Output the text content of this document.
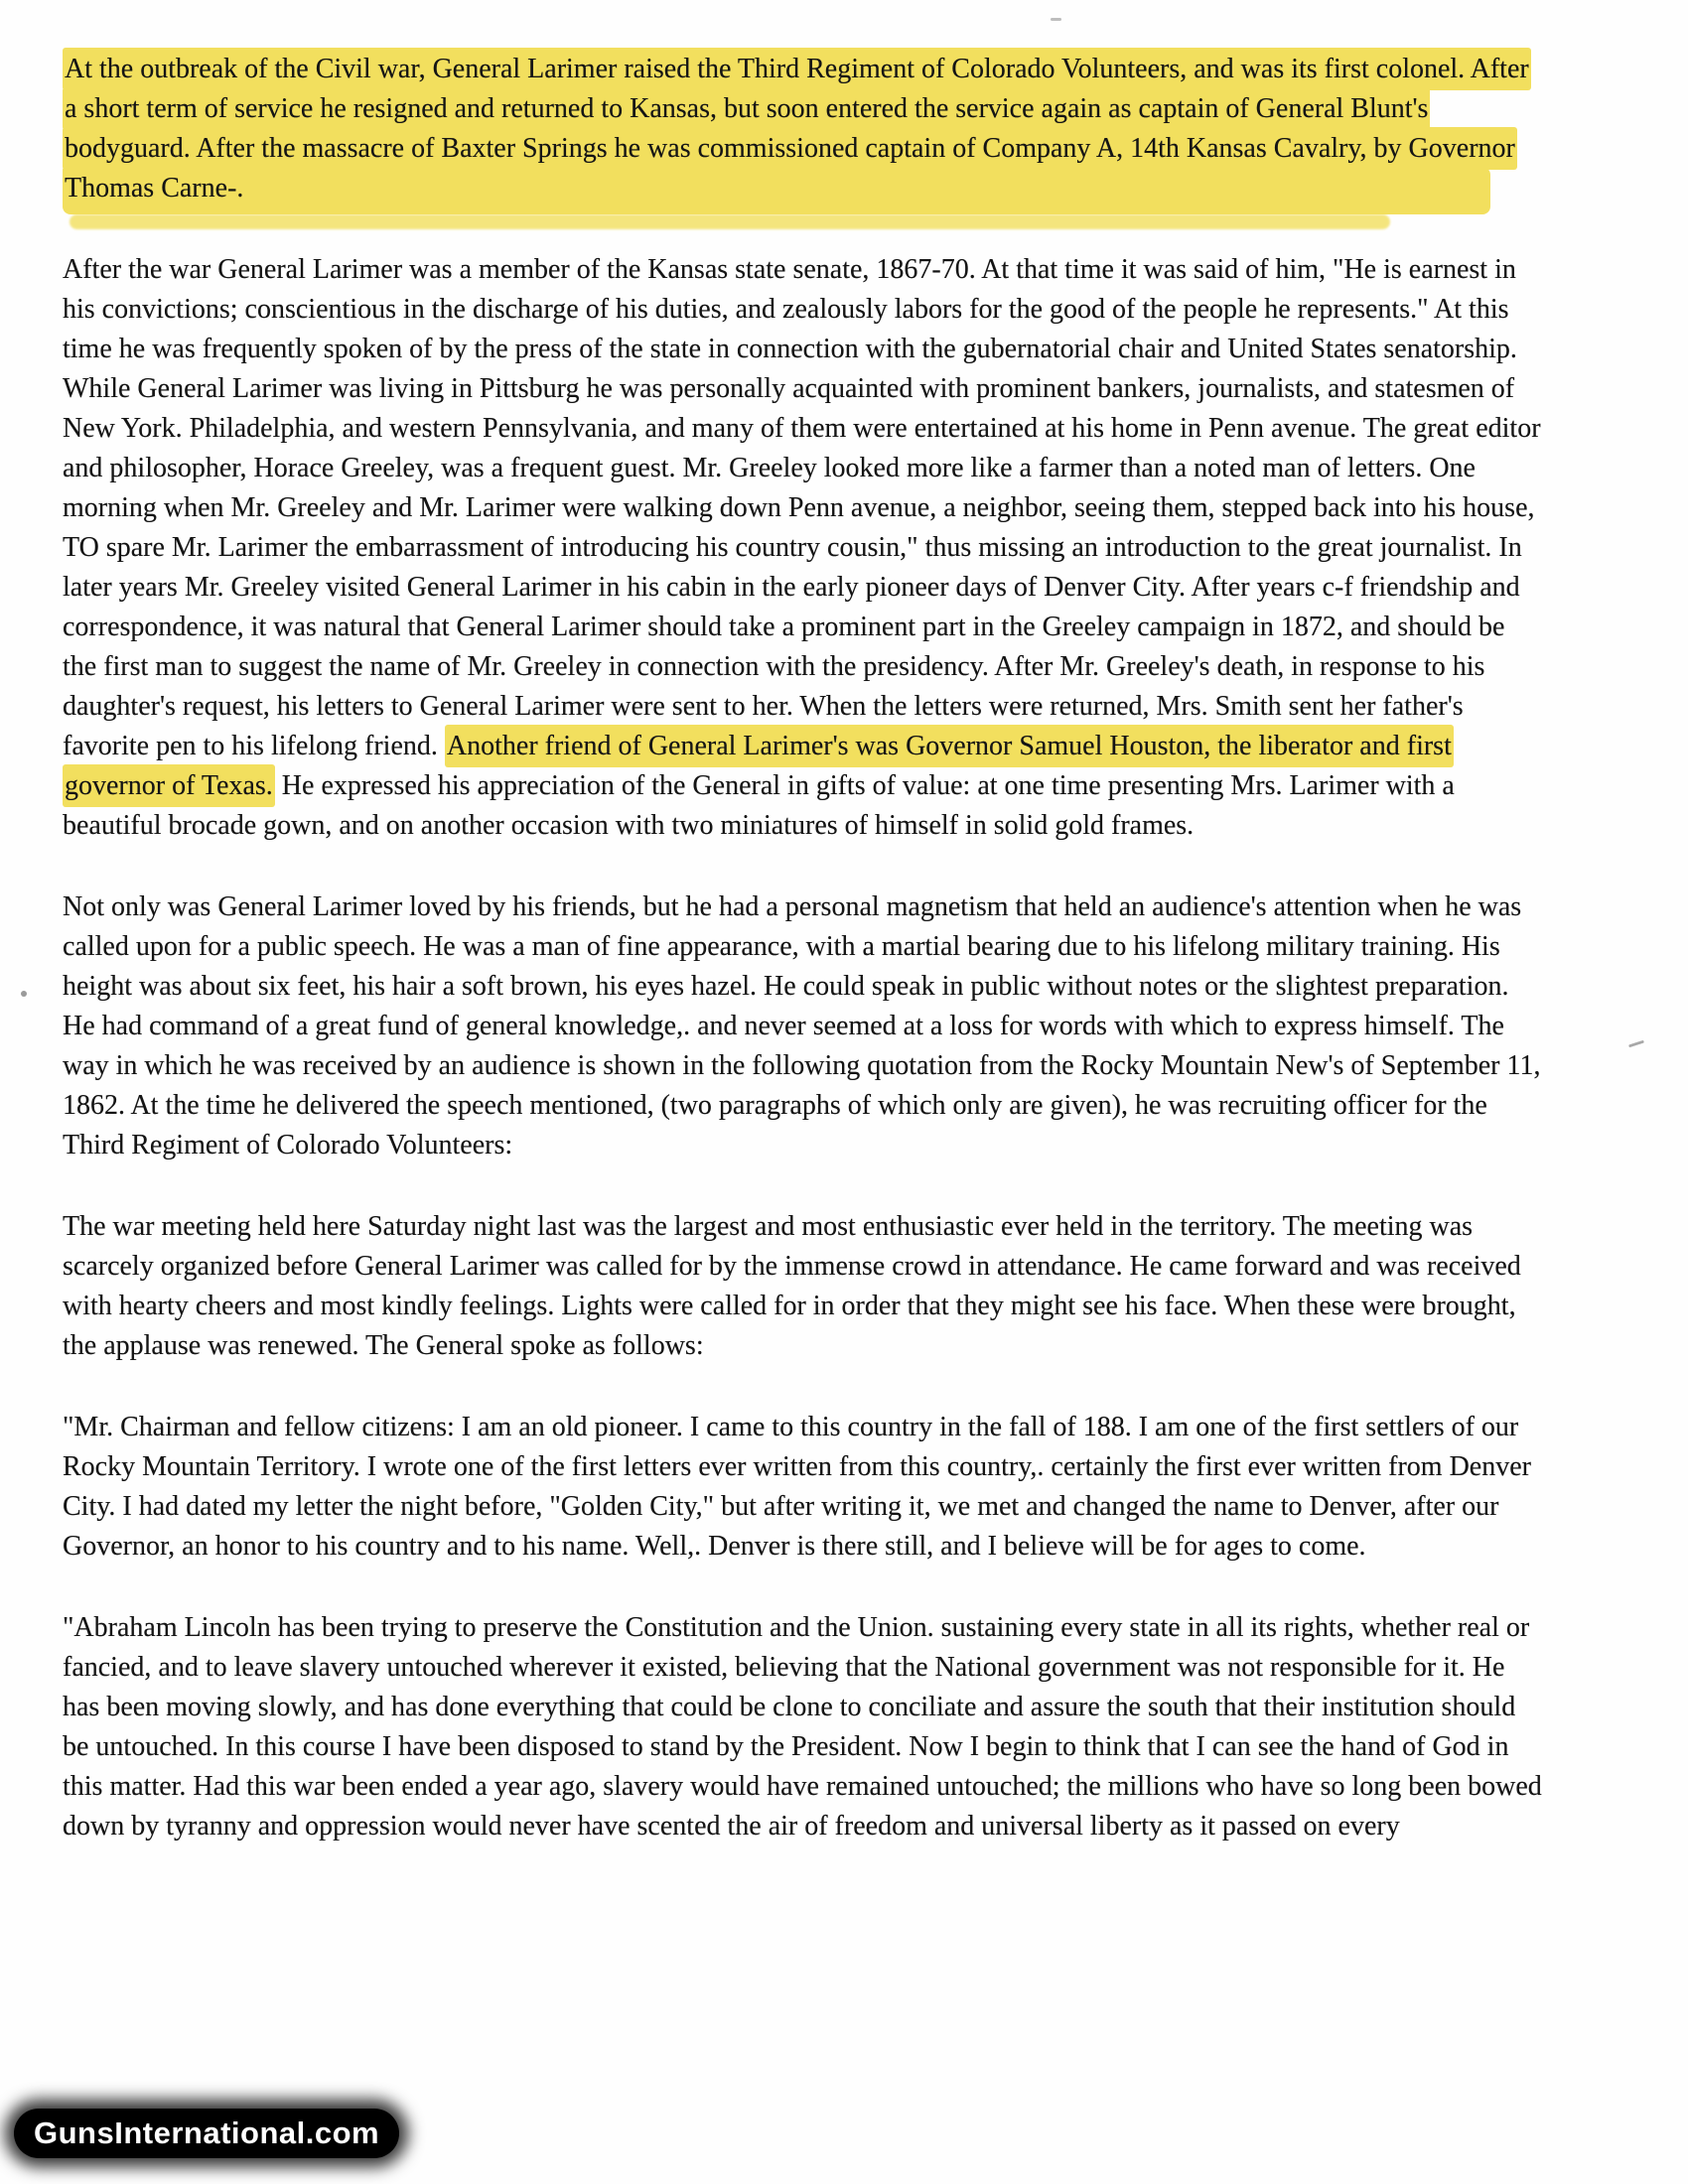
At the outbreak of the Civil war, General Larimer raised the Third Regiment of Colorado Volunteers, and was its first colonel. After a short term of service he resigned and returned to Kansas, but soon entered the service again as captain of General Blunt's bodyguard. After the massacre of Baxter Springs he was commissioned captain of Company A, 14th Kansas Cavalry, by Governor Thomas Carne-.

After the war General Larimer was a member of the Kansas state senate, 1867-70. At that time it was said of him, "He is earnest in his convictions; conscientious in the discharge of his duties, and zealously labors for the good of the people he represents." At this time he was frequently spoken of by the press of the state in connection with the gubernatorial chair and United States senatorship. While General Larimer was living in Pittsburg he was personally acquainted with prominent bankers, journalists, and statesmen of New York. Philadelphia, and western Pennsylvania, and many of them were entertained at his home in Penn avenue. The great editor and philosopher, Horace Greeley, was a frequent guest. Mr. Greeley looked more like a farmer than a noted man of letters. One morning when Mr. Greeley and Mr. Larimer were walking down Penn avenue, a neighbor, seeing them, stepped back into his house, TO spare Mr. Larimer the embarrassment of introducing his country cousin," thus missing an introduction to the great journalist. In later years Mr. Greeley visited General Larimer in his cabin in the early pioneer days of Denver City. After years c-f friendship and correspondence, it was natural that General Larimer should take a prominent part in the Greeley campaign in 1872, and should be the first man to suggest the name of Mr. Greeley in connection with the presidency. After Mr. Greeley's death, in response to his daughter's request, his letters to General Larimer were sent to her. When the letters were returned, Mrs. Smith sent her father's favorite pen to his lifelong friend. Another friend of General Larimer's was Governor Samuel Houston, the liberator and first governor of Texas. He expressed his appreciation of the General in gifts of value: at one time presenting Mrs. Larimer with a beautiful brocade gown, and on another occasion with two miniatures of himself in solid gold frames.

Not only was General Larimer loved by his friends, but he had a personal magnetism that held an audience's attention when he was called upon for a public speech. He was a man of fine appearance, with a martial bearing due to his lifelong military training. His height was about six feet, his hair a soft brown, his eyes hazel. He could speak in public without notes or the slightest preparation. He had command of a great fund of general knowledge,. and never seemed at a loss for words with which to express himself. The way in which he was received by an audience is shown in the following quotation from the Rocky Mountain New's of September 11, 1862. At the time he delivered the speech mentioned, (two paragraphs of which only are given), he was recruiting officer for the Third Regiment of Colorado Volunteers:

The war meeting held here Saturday night last was the largest and most enthusiastic ever held in the territory. The meeting was scarcely organized before General Larimer was called for by the immense crowd in attendance. He came forward and was received with hearty cheers and most kindly feelings. Lights were called for in order that they might see his face. When these were brought, the applause was renewed. The General spoke as follows:

"Mr. Chairman and fellow citizens: I am an old pioneer. I came to this country in the fall of 188. I am one of the first settlers of our Rocky Mountain Territory. I wrote one of the first letters ever written from this country,. certainly the first ever written from Denver City. I had dated my letter the night before, "Golden City," but after writing it, we met and changed the name to Denver, after our Governor, an honor to his country and to his name. Well,. Denver is there still, and I believe will be for ages to come.

"Abraham Lincoln has been trying to preserve the Constitution and the Union. sustaining every state in all its rights, whether real or fancied, and to leave slavery untouched wherever it existed, believing that the National government was not responsible for it. He has been moving slowly, and has done everything that could be clone to conciliate and assure the south that their institution should be untouched. In this course I have been disposed to stand by the President. Now I begin to think that I can see the hand of God in this matter. Had this war been ended a year ago, slavery would have remained untouched; the millions who have so long been bowed down by tyranny and oppression would never have scented the air of freedom and universal liberty as it passed on every

GunsInternational.com
